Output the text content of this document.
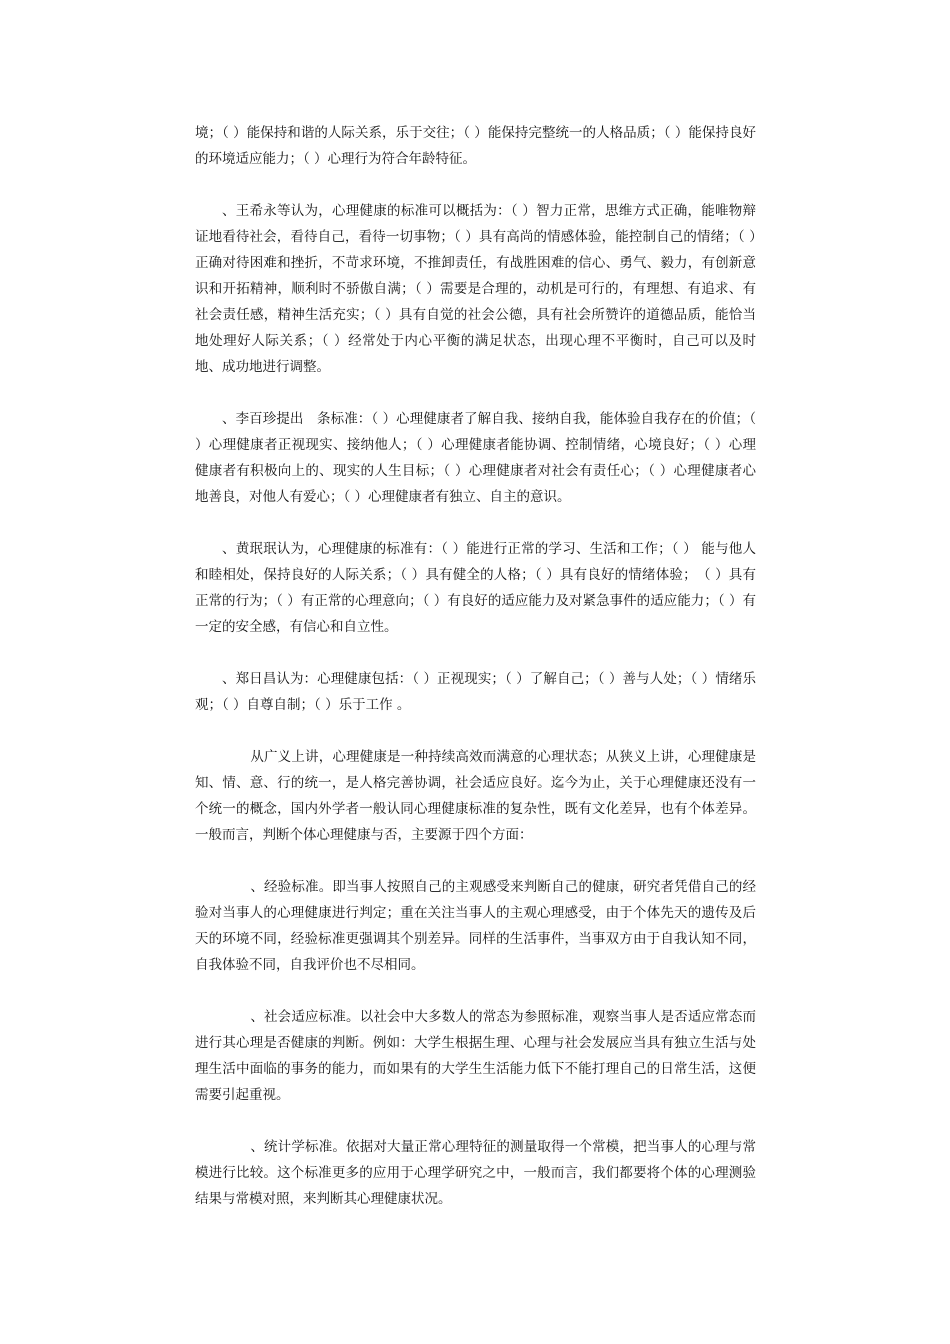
境；（ ）能保持和谐的人际关系，乐于交往；（ ）能保持完整统一的人格品质；（ ）能保持良好的环境适应能力；（ ）心理行为符合年龄特征。

、王希永等认为，心理健康的标准可以概括为：（ ）智力正常，思维方式正确，能唯物辩证地看待社会，看待自己，看待一切事物；（ ）具有高尚的情感体验，能控制自己的情绪；（ ）正确对待困难和挫折，不苛求环境，不推卸责任，有战胜困难的信心、勇气、毅力，有创新意识和开拓精神，顺利时不骄傲自满；（ ）需要是合理的，动机是可行的，有理想、有追求、有社会责任感，精神生活充实；（ ）具有自觉的社会公德，具有社会所赞许的道德品质，能恰当地处理好人际关系；（ ）经常处于内心平衡的满足状态，出现心理不平衡时，自己可以及时地、成功地进行调整。

、李百珍提出　条标准：（ ）心理健康者了解自我、接纳自我，能体验自我存在的价值；（ ）心理健康者正视现实、接纳他人；（ ）心理健康者能协调、控制情绪，心境良好；（ ）心理健康者有积极向上的、现实的人生目标；（ ）心理健康者对社会有责任心；（ ）心理健康者心地善良，对他人有爱心；（ ）心理健康者有独立、自主的意识。

、黄珉珉认为，心理健康的标准有：（ ）能进行正常的学习、生活和工作；（ ） 能与他人和睦相处，保持良好的人际关系；（ ）具有健全的人格；（ ）具有良好的情绪体验；　（ ）具有正常的行为；（ ）有正常的心理意向；（ ）有良好的适应能力及对紧急事件的适应能力；（ ）有一定的安全感，有信心和自立性。

、郑日昌认为：心理健康包括：（ ）正视现实；（ ）了解自己；（ ）善与人处；（ ）情绪乐观；（ ）自尊自制；（ ）乐于工作 。

从广义上讲，心理健康是一种持续高效而满意的心理状态；从狭义上讲，心理健康是知、情、意、行的统一，是人格完善协调，社会适应良好。迄今为止，关于心理健康还没有一个统一的概念，国内外学者一般认同心理健康标准的复杂性，既有文化差异，也有个体差异。一般而言，判断个体心理健康与否，主要源于四个方面：

、经验标准。即当事人按照自己的主观感受来判断自己的健康，研究者凭借自己的经验对当事人的心理健康进行判定；重在关注当事人的主观心理感受，由于个体先天的遗传及后天的环境不同，经验标准更强调其个别差异。同样的生活事件，当事双方由于自我认知不同，自我体验不同，自我评价也不尽相同。

、社会适应标准。以社会中大多数人的常态为参照标准，观察当事人是否适应常态而进行其心理是否健康的判断。例如：大学生根据生理、心理与社会发展应当具有独立生活与处理生活中面临的事务的能力，而如果有的大学生生活能力低下不能打理自己的日常生活，这便需要引起重视。

、统计学标准。依据对大量正常心理特征的测量取得一个常模，把当事人的心理与常模进行比较。这个标准更多的应用于心理学研究之中，一般而言，我们都要将个体的心理测验结果与常模对照，来判断其心理健康状况。
